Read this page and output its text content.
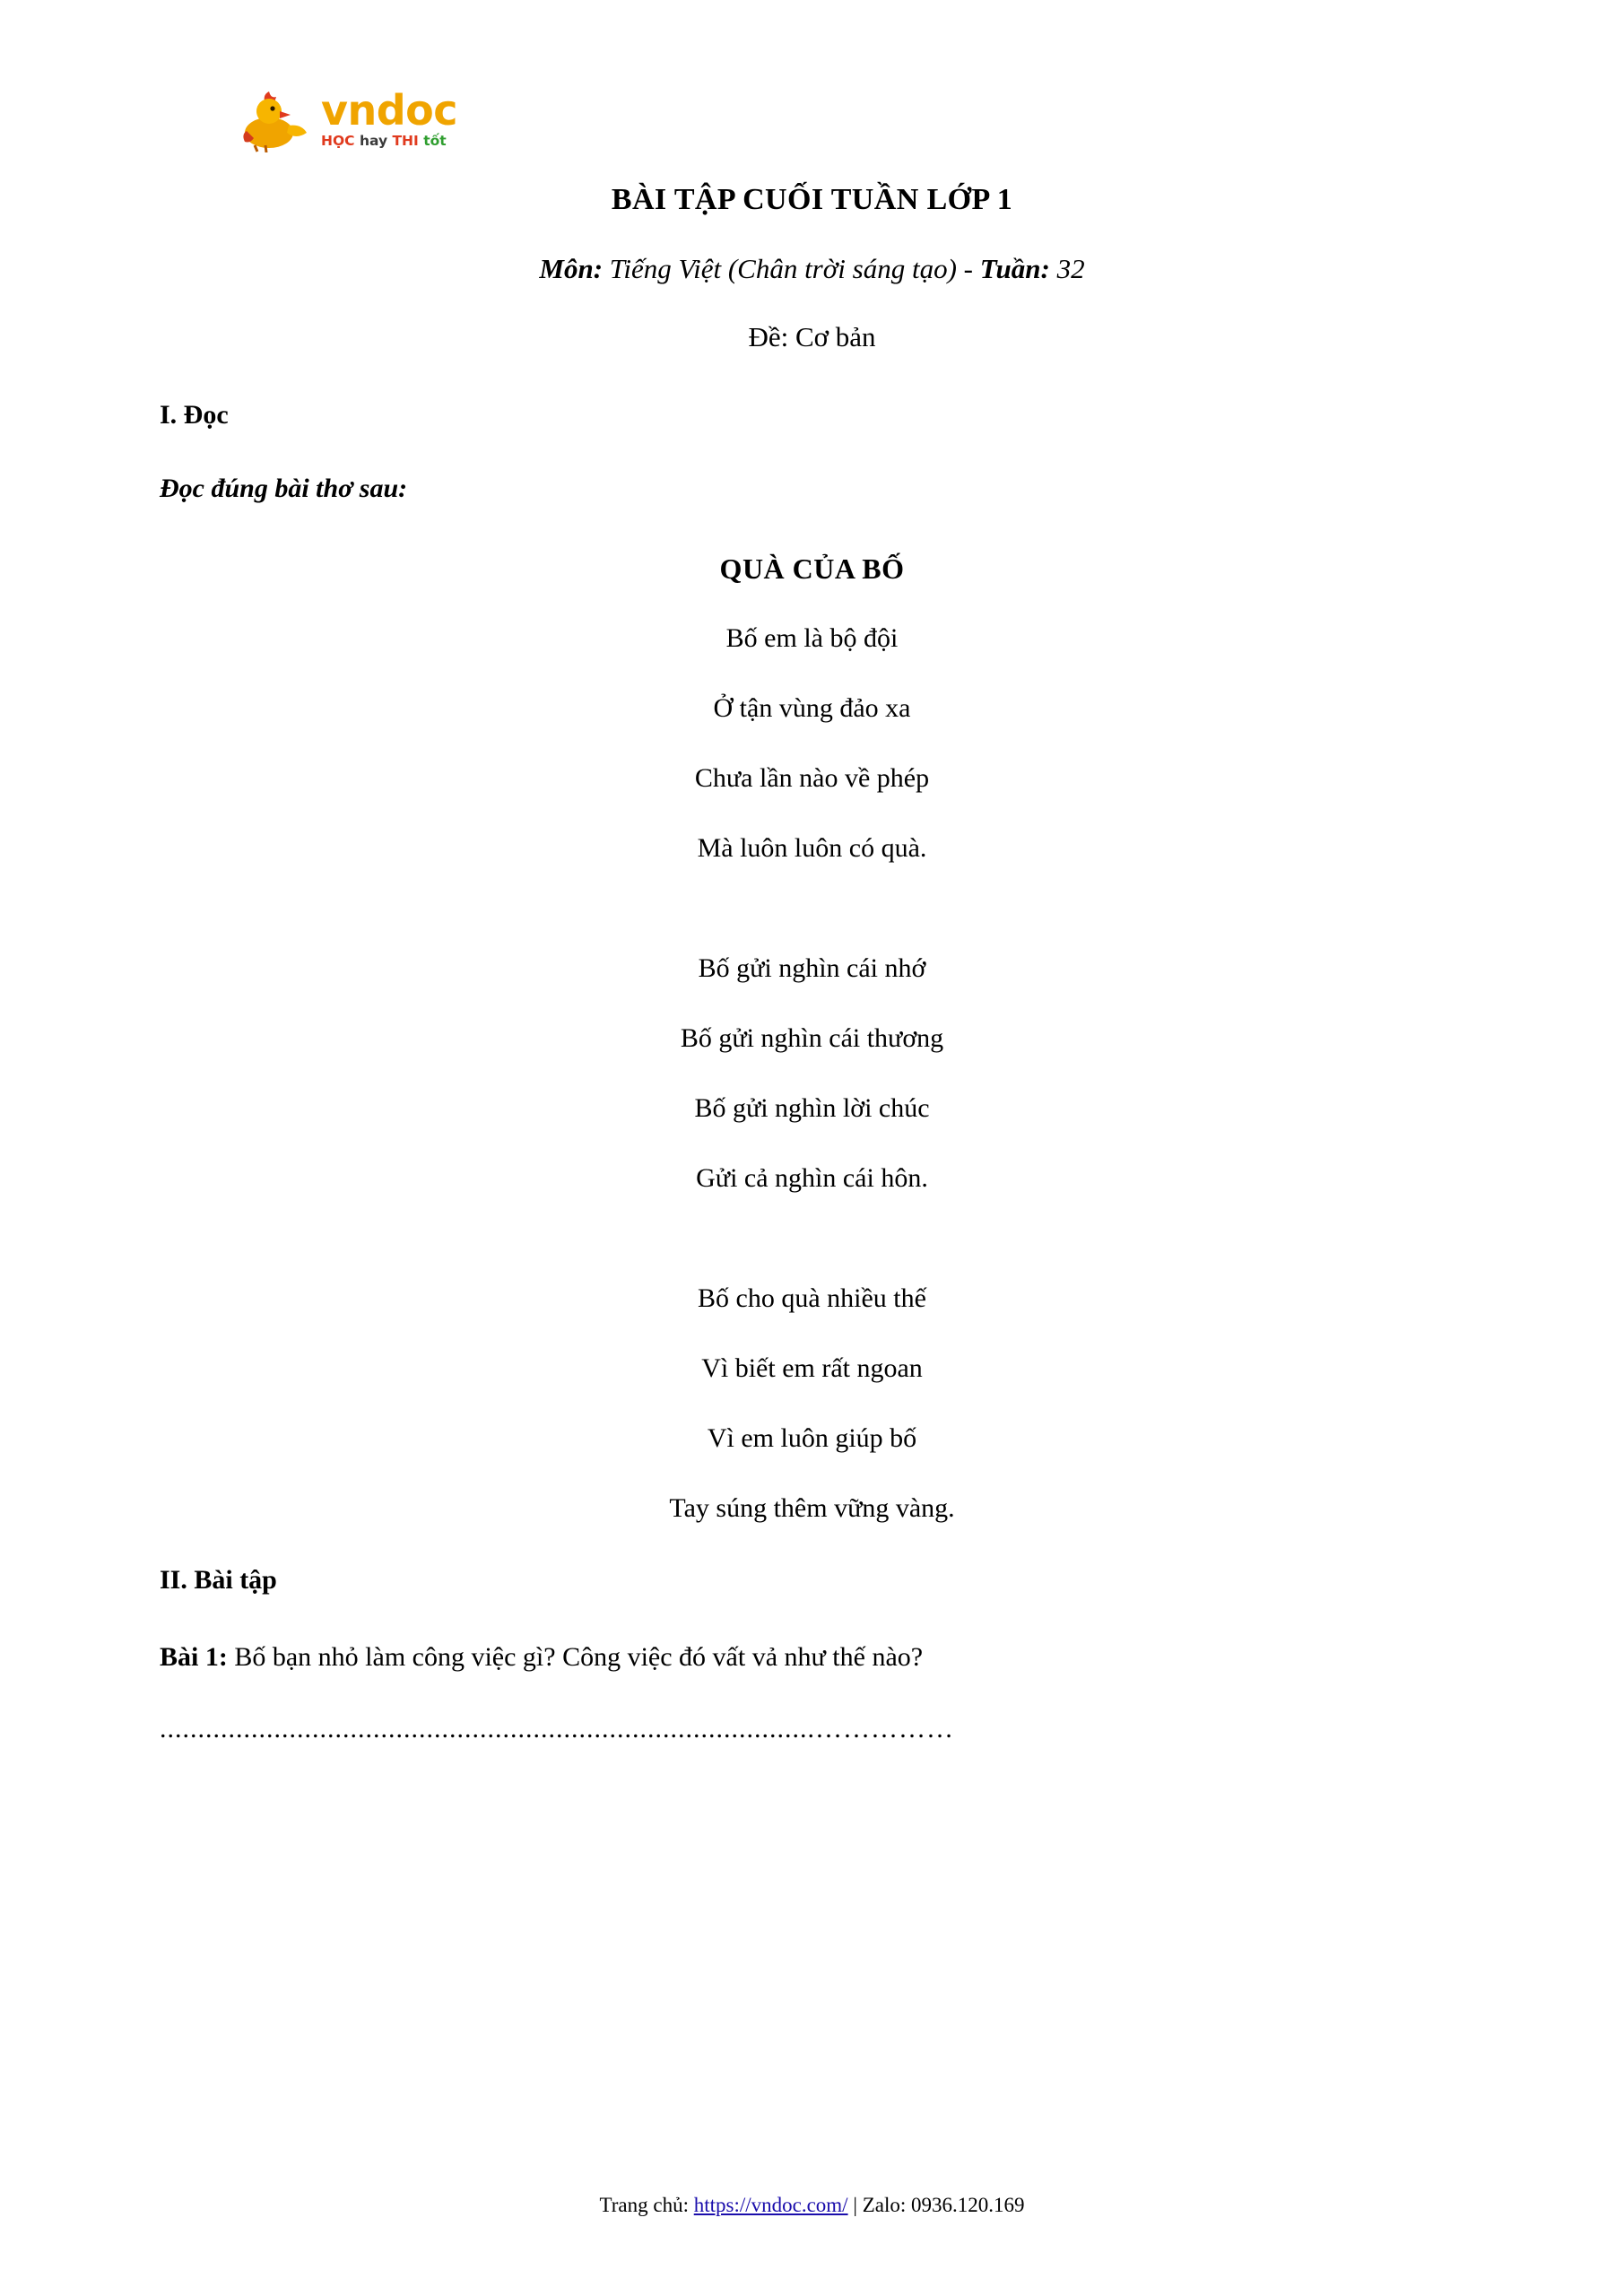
vndoc
HỌC hay THI tốt
BÀI TẬP CUỐI TUẦN LỚP 1
Môn: Tiếng Việt (Chân trời sáng tạo) - Tuần: 32
Đề: Cơ bản
I. Đọc
Đọc đúng bài thơ sau:
QUÀ CỦA BỐ
Bố em là bộ đội
Ở tận vùng đảo xa
Chưa lần nào về phép
Mà luôn luôn có quà.
Bố gửi nghìn cái nhớ
Bố gửi nghìn cái thương
Bố gửi nghìn lời chúc
Gửi cả nghìn cái hôn.
Bố cho quà nhiều thế
Vì biết em rất ngoan
Vì em luôn giúp bố
Tay súng thêm vững vàng.
II. Bài tập
Bài 1: Bố bạn nhỏ làm công việc gì? Công việc đó vất vả như thế nào?
......................................................................................……………
Trang chủ: https://vndoc.com/ | Zalo: 0936.120.169
